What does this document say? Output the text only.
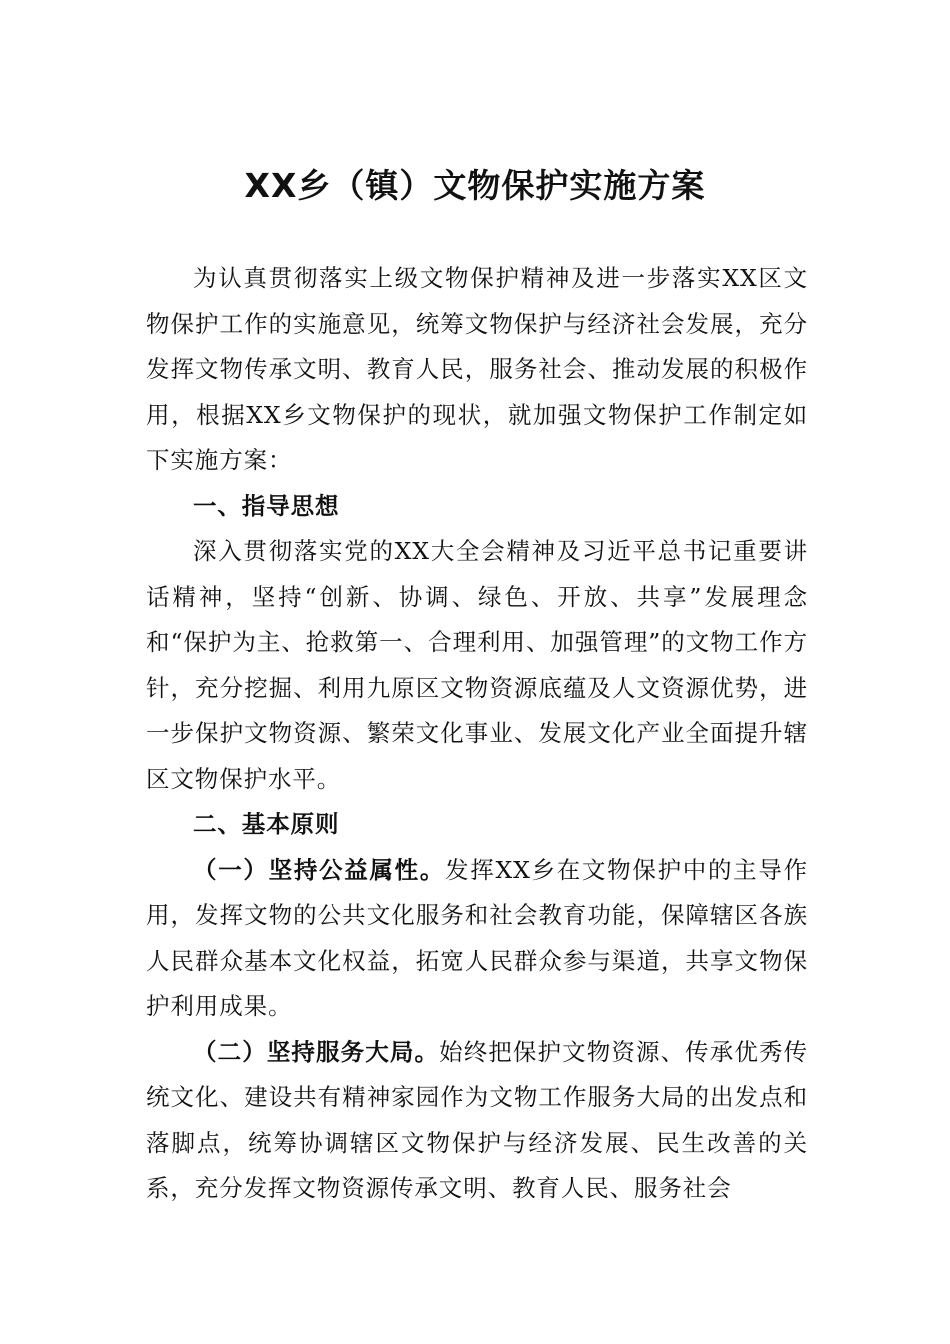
XX乡（镇）文物保护实施方案

为认真贯彻落实上级文物保护精神及进一步落实XX区文物保护工作的实施意见，统筹文物保护与经济社会发展，充分发挥文物传承文明、教育人民，服务社会、推动发展的积极作用，根据XX乡文物保护的现状，就加强文物保护工作制定如下实施方案：

一、指导思想

深入贯彻落实党的XX大全会精神及习近平总书记重要讲话精神，坚持“创新、协调、绿色、开放、共享”发展理念和“保护为主、抢救第一、合理利用、加强管理”的文物工作方针，充分挖掘、利用九原区文物资源底蕴及人文资源优势，进一步保护文物资源、繁荣文化事业、发展文化产业全面提升辖区文物保护水平。

二、基本原则

（一）坚持公益属性。发挥XX乡在文物保护中的主导作用，发挥文物的公共文化服务和社会教育功能，保障辖区各族人民群众基本文化权益，拓宽人民群众参与渠道，共享文物保护利用成果。

（二）坚持服务大局。始终把保护文物资源、传承优秀传统文化、建设共有精神家园作为文物工作服务大局的出发点和落脚点，统筹协调辖区文物保护与经济发展、民生改善的关系，充分发挥文物资源传承文明、教育人民、服务社会
